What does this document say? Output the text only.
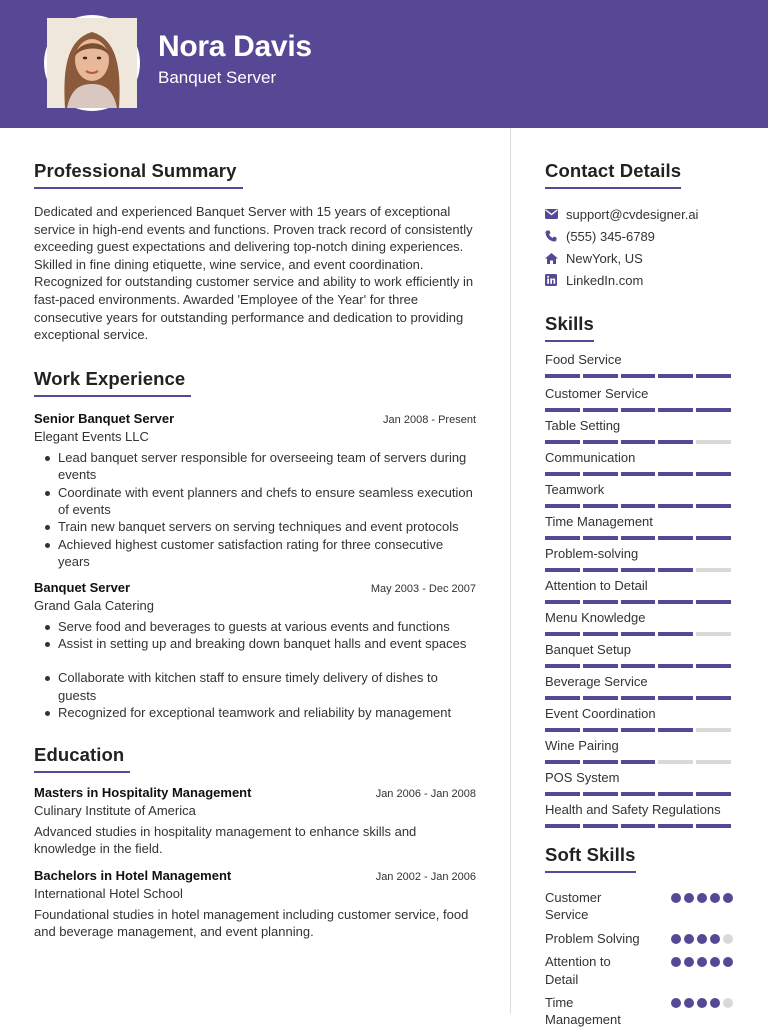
Nora Davis
Banquet Server
Professional Summary

Dedicated and experienced Banquet Server with 15 years of exceptional service in high-end events and functions. Proven track record of consistently exceeding guest expectations and delivering top-notch dining experiences. Skilled in fine dining etiquette, wine service, and event coordination. Recognized for outstanding customer service and ability to work efficiently in fast-paced environments. Awarded 'Employee of the Year' for three consecutive years for outstanding performance and dedication to providing exceptional service.

Work Experience
Senior Banquet Server	Jan 2008 - Present
Elegant Events LLC
Lead banquet server responsible for overseeing team of servers during events
Coordinate with event planners and chefs to ensure seamless execution of events
Train new banquet servers on serving techniques and event protocols
Achieved highest customer satisfaction rating for three consecutive years
Banquet Server	May 2003 - Dec 2007
Grand Gala Catering
Serve food and beverages to guests at various events and functions
Assist in setting up and breaking down banquet halls and event spaces
Collaborate with kitchen staff to ensure timely delivery of dishes to guests
Recognized for exceptional teamwork and reliability by management
Education
Masters in Hospitality Management	Jan 2006 - Jan 2008
Culinary Institute of America

Advanced studies in hospitality management to enhance skills and knowledge in the field.

Bachelors in Hotel Management	Jan 2002 - Jan 2006
International Hotel School

Foundational studies in hotel management including customer service, food and beverage management, and event planning.

Contact Details
support@cvdesigner.ai
(555) 345-6789
NewYork, US
LinkedIn.com
Skills
Food Service
Customer Service
Table Setting
Communication
Teamwork
Time Management
Problem-solving
Attention to Detail
Menu Knowledge
Banquet Setup
Beverage Service
Event Coordination
Wine Pairing
POS System
Health and Safety Regulations
Soft Skills
Customer Service
Problem Solving
Attention to Detail
Time Management
